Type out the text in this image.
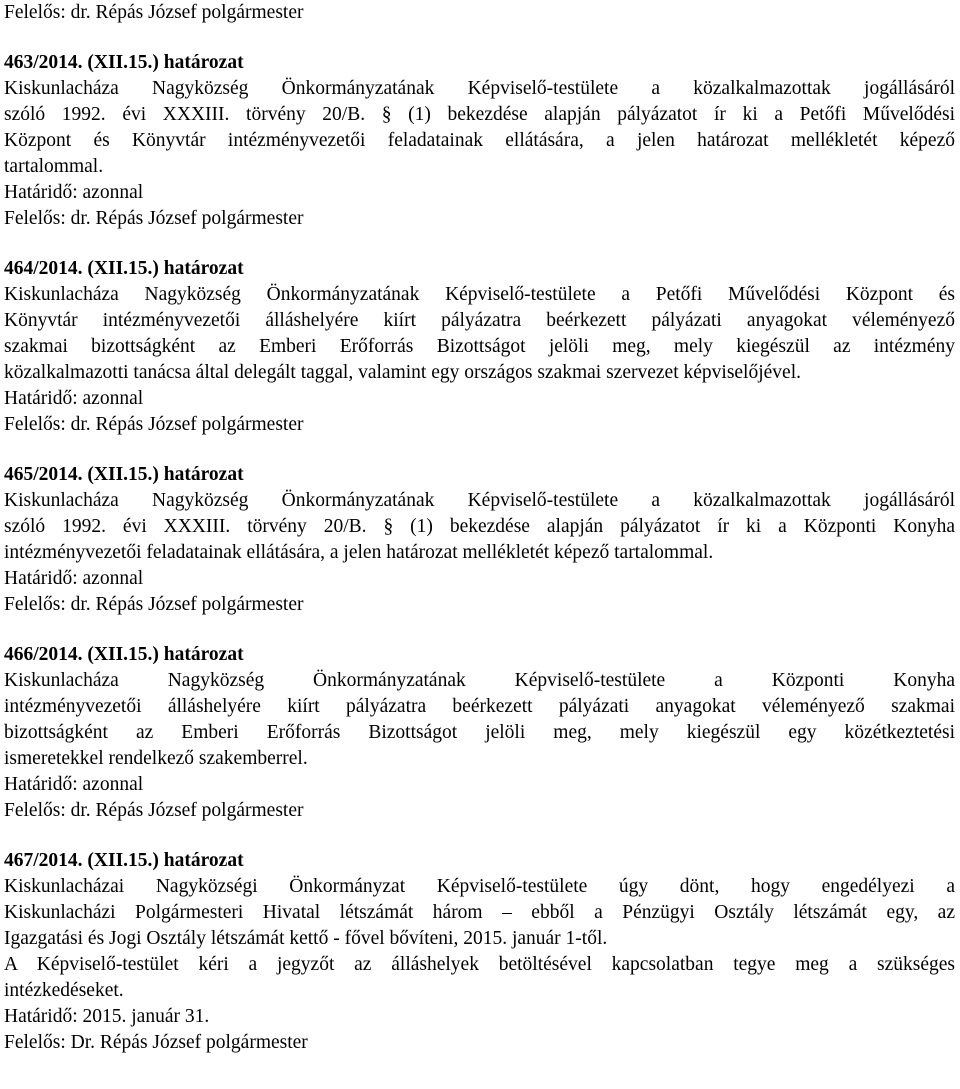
Felelős: dr. Répás József polgármester

463/2014. (XII.15.) határozat

Kiskunlacháza Nagyközség Önkormányzatának Képviselő-testülete a közalkalmazottak jogállásáról

szóló 1992. évi XXXIII. törvény 20/B. § (1) bekezdése alapján pályázatot ír ki a Petőfi Művelődési

Központ és Könyvtár intézményvezetői feladatainak ellátására, a jelen határozat mellékletét képező

tartalommal.

Határidő: azonnal

Felelős: dr. Répás József polgármester

464/2014. (XII.15.) határozat

Kiskunlacháza Nagyközség Önkormányzatának Képviselő-testülete a Petőfi Művelődési Központ és

Könyvtár intézményvezetői álláshelyére kiírt pályázatra beérkezett pályázati anyagokat véleményező

szakmai bizottságként az Emberi Erőforrás Bizottságot jelöli meg, mely kiegészül az intézmény

közalkalmazotti tanácsa által delegált taggal, valamint egy országos szakmai szervezet képviselőjével.

Határidő: azonnal

Felelős: dr. Répás József polgármester

465/2014. (XII.15.) határozat

Kiskunlacháza Nagyközség Önkormányzatának Képviselő-testülete a közalkalmazottak jogállásáról

szóló 1992. évi XXXIII. törvény 20/B. § (1) bekezdése alapján pályázatot ír ki a Központi Konyha

intézményvezetői feladatainak ellátására, a jelen határozat mellékletét képező tartalommal.

Határidő: azonnal

Felelős: dr. Répás József polgármester

466/2014. (XII.15.) határozat

Kiskunlacháza Nagyközség Önkormányzatának Képviselő-testülete a Központi Konyha

intézményvezetői álláshelyére kiírt pályázatra beérkezett pályázati anyagokat véleményező szakmai

bizottságként az Emberi Erőforrás Bizottságot jelöli meg, mely kiegészül egy közétkeztetési

ismeretekkel rendelkező szakemberrel.

Határidő: azonnal

Felelős: dr. Répás József polgármester

467/2014. (XII.15.) határozat

Kiskunlacházai Nagyközségi Önkormányzat Képviselő-testülete úgy dönt, hogy engedélyezi a

Kiskunlacházi Polgármesteri Hivatal létszámát három – ebből a Pénzügyi Osztály létszámát egy, az

Igazgatási és Jogi Osztály létszámát kettő - fővel bővíteni, 2015. január 1-től.

A Képviselő-testület kéri a jegyzőt az álláshelyek betöltésével kapcsolatban tegye meg a szükséges

intézkedéseket.

Határidő: 2015. január 31.

Felelős: Dr. Répás József polgármester
